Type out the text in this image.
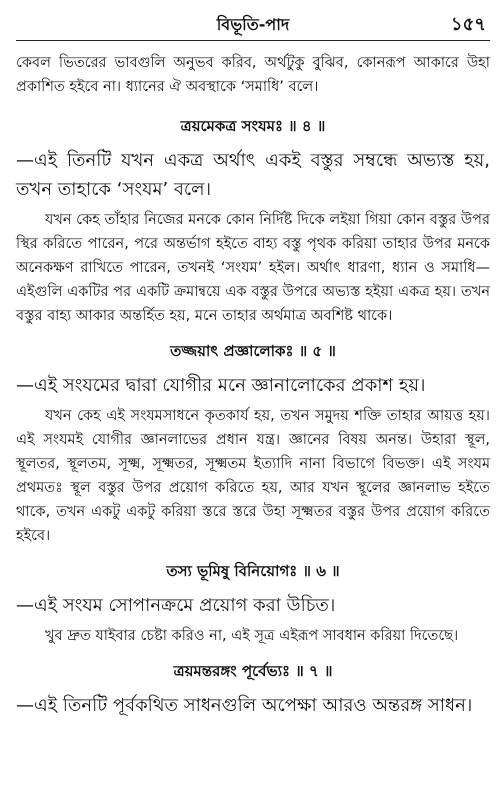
বিভূতি-পাদ	১৫৭

কেবল ভিতরের ভাবগুলি অনুভব করিব, অর্থটুকু বুঝিব, কোনরূপ আকারে উহা প্রকাশিত হইবে না। ধ্যানের ঐ অবস্থাকে ‘সমাধি’ বলে।

ত্রয়মেকত্র সংযমঃ ॥ ৪ ॥

—এই তিনটি যখন একত্র অর্থাৎ একই বস্তুর সম্বন্ধে অভ্যস্ত হয়, তখন তাহাকে ‘সংযম’ বলে।

যখন কেহ তাঁহার নিজের মনকে কোন নির্দিষ্ট দিকে লইয়া গিয়া কোন বস্তুর উপর স্থির করিতে পারেন, পরে অন্তর্ভাগ হইতে বাহ্য বস্তু পৃথক করিয়া তাহার উপর মনকে অনেকক্ষণ রাখিতে পারেন, তখনই ‘সংযম’ হইল। অর্থাৎ ধারণা, ধ্যান ও সমাধি—এইগুলি একটির পর একটি ক্রমান্বয়ে এক বস্তুর উপরে অভ্যস্ত হইয়া একত্র হয়। তখন বস্তুর বাহ্য আকার অন্তর্হিত হয়, মনে তাহার অর্থমাত্র অবশিষ্ট থাকে।

তজ্জয়াৎ প্রজ্ঞালোকঃ ॥ ৫ ॥

—এই সংযমের দ্বারা যোগীর মনে জ্ঞানালোকের প্রকাশ হয়।

যখন কেহ এই সংযমসাধনে কৃতকার্য হয়, তখন সমুদয় শক্তি তাহার আয়ত্ত হয়। এই সংযমই যোগীর জ্ঞানলাভের প্রধান যন্ত্র। জ্ঞানের বিষয় অনন্ত। উহারা স্থূল, স্থূলতর, স্থূলতম, সূক্ষ্ম, সূক্ষ্মতর, সূক্ষ্মতম ইত্যাদি নানা বিভাগে বিভক্ত। এই সংযম প্রথমতঃ স্থূল বস্তুর উপর প্রয়োগ করিতে হয়, আর যখন স্থূলের জ্ঞানলাভ হইতে থাকে, তখন একটু একটু করিয়া স্তরে স্তরে উহা সূক্ষ্মতর বস্তুর উপর প্রয়োগ করিতে হইবে।

তস্য ভূমিষু বিনিয়োগঃ ॥ ৬ ॥

—এই সংযম সোপানক্রমে প্রয়োগ করা উচিত।

খুব দ্রুত যাইবার চেষ্টা করিও না, এই সূত্র এইরূপ সাবধান করিয়া দিতেছে।

ত্রয়মন্তরঙ্গং পূর্বেভ্যঃ ॥ ৭ ॥

—এই তিনটি পূর্বকথিত সাধনগুলি অপেক্ষা আরও অন্তরঙ্গ সাধন।
